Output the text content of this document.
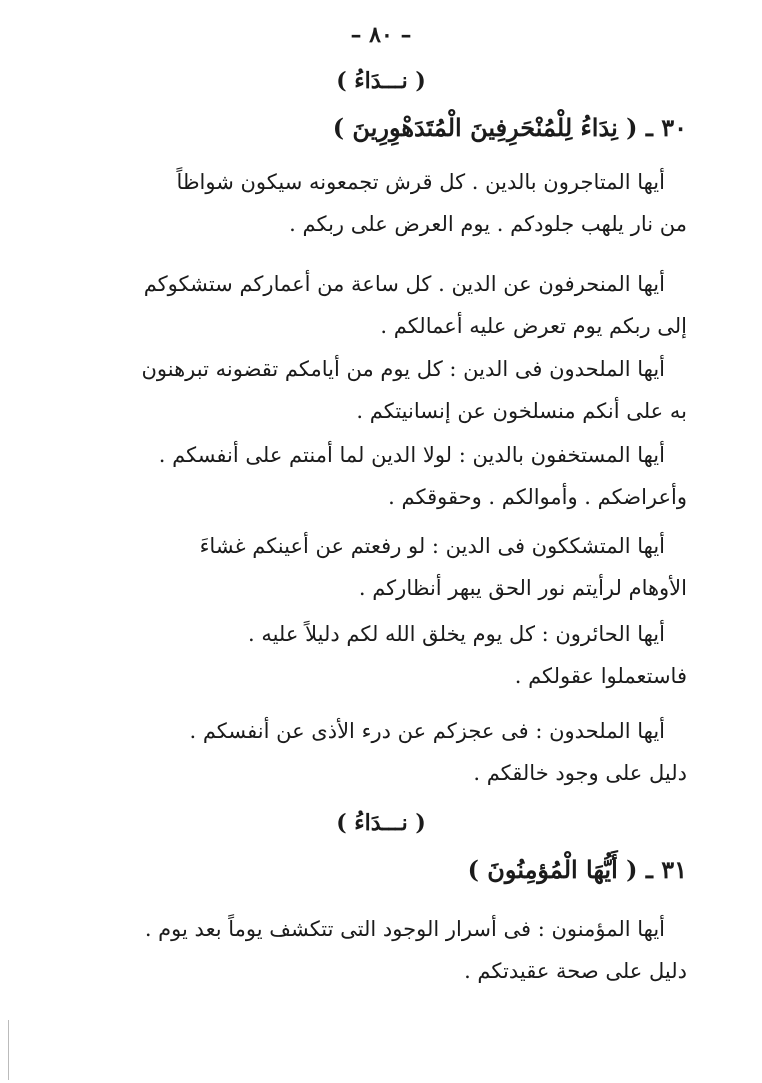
– ٨٠ –
( نـــدَاءُ )
٣٠ ـ ( نِدَاءُ لِلْمُنْحَرِفِينَ الْمُتَدَهْوِرِينَ )
أيها المتاجرون بالدين . كل قرش تجمعونه سيكون شواظاً
من نار يلهب جلودكم . يوم العرض على ربكم .
أيها المنحرفون عن الدين . كل ساعة من أعماركم ستشكوكم
إلى ربكم يوم تعرض عليه أعمالكم .
أيها الملحدون فى الدين : كل يوم من أيامكم تقضونه تبرهنون
به على أنكم منسلخون عن إنسانيتكم .
أيها المستخفون بالدين : لولا الدين لما أمنتم على أنفسكم .
وأعراضكم . وأموالكم . وحقوقكم .
أيها المتشككون فى الدين : لو رفعتم عن أعينكم غشاءَ
الأوهام لرأيتم نور الحق يبهر أنظاركم .
أيها الحائرون : كل يوم يخلق الله لكم دليلاً عليه .
فاستعملوا عقولكم .
أيها الملحدون : فى عجزكم عن درء الأذى عن أنفسكم .
دليل على وجود خالقكم .
( نـــدَاءُ )
٣١ ـ ( أَيُّهَا الْمُؤمِنُونَ )
أيها المؤمنون : فى أسرار الوجود التى تتكشف يوماً بعد يوم .
دليل على صحة عقيدتكم .
